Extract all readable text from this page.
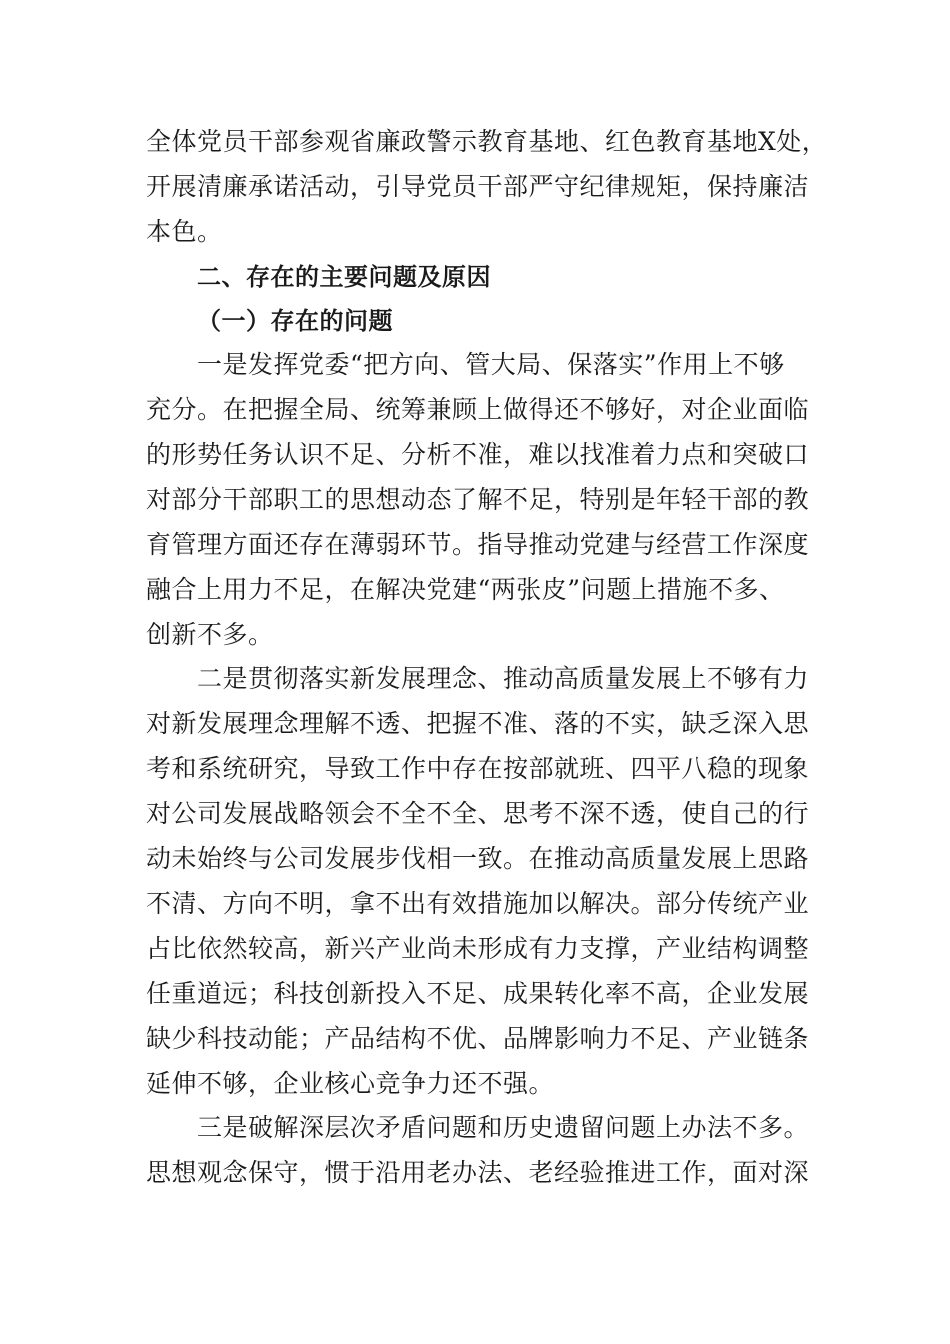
全体党员干部参观省廉政警示教育基地、红色教育基地X处，
开展清廉承诺活动，引导党员干部严守纪律规矩，保持廉洁
本色。
二、存在的主要问题及原因
（一）存在的问题
一是发挥党委“把方向、管大局、保落实”作用上不够
充分。在把握全局、统筹兼顾上做得还不够好，对企业面临
的形势任务认识不足、分析不准，难以找准着力点和突破口
对部分干部职工的思想动态了解不足，特别是年轻干部的教
育管理方面还存在薄弱环节。指导推动党建与经营工作深度
融合上用力不足，在解决党建“两张皮”问题上措施不多、
创新不多。
二是贯彻落实新发展理念、推动高质量发展上不够有力
对新发展理念理解不透、把握不准、落的不实，缺乏深入思
考和系统研究，导致工作中存在按部就班、四平八稳的现象
对公司发展战略领会不全不全、思考不深不透，使自己的行
动未始终与公司发展步伐相一致。在推动高质量发展上思路
不清、方向不明，拿不出有效措施加以解决。部分传统产业
占比依然较高，新兴产业尚未形成有力支撑，产业结构调整
任重道远；科技创新投入不足、成果转化率不高，企业发展
缺少科技动能；产品结构不优、品牌影响力不足、产业链条
延伸不够，企业核心竞争力还不强。
三是破解深层次矛盾问题和历史遗留问题上办法不多。
思想观念保守，惯于沿用老办法、老经验推进工作，面对深
